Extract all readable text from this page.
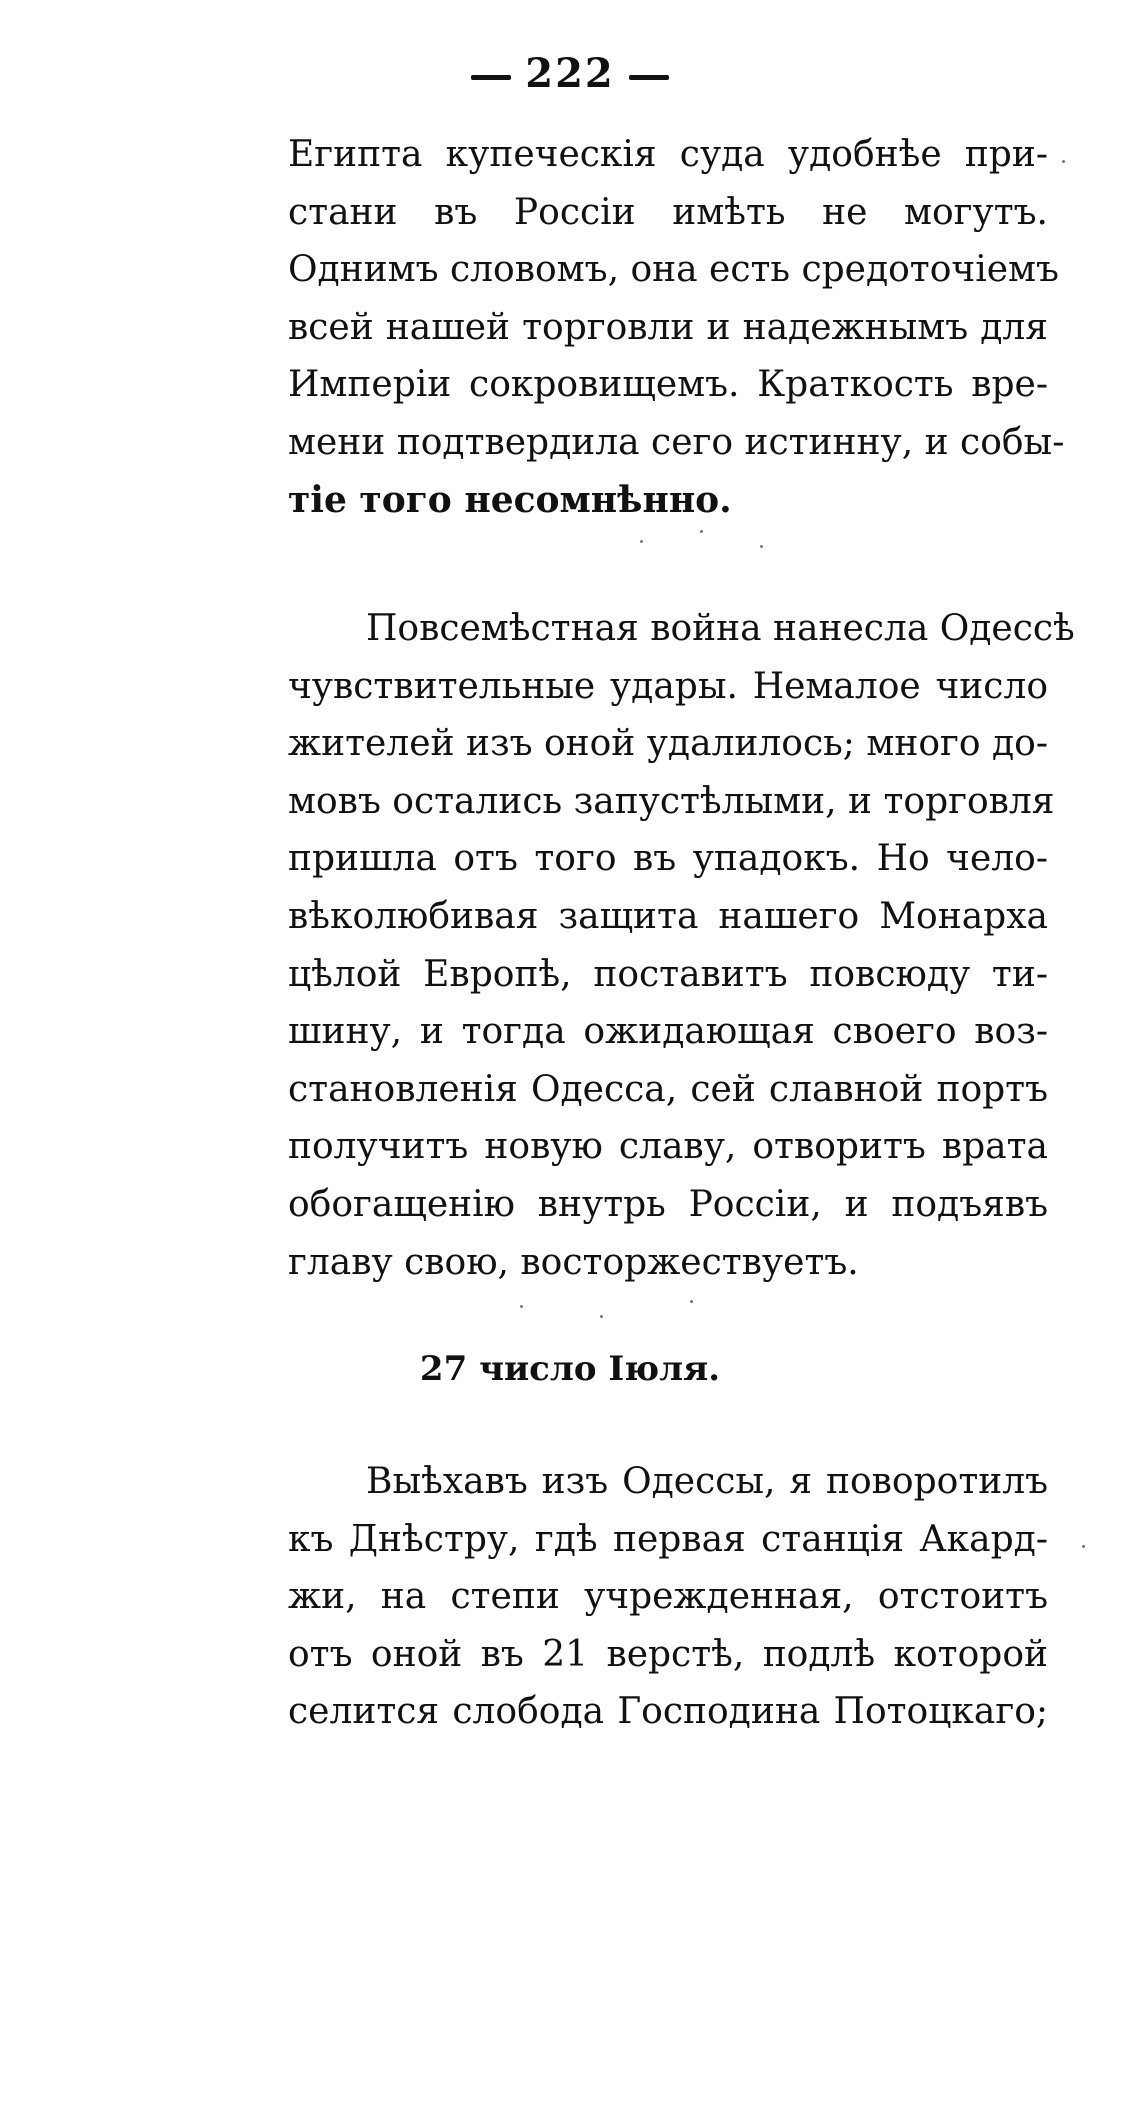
222
Египта купеческія суда удобнѣе при-
стани въ Россіи имѣть не могутъ.
Однимъ словомъ, она есть средоточіемъ
всей нашей торговли и надежнымъ для
Имперіи сокровищемъ. Краткость вре-
мени подтвердила сего истинну, и собы-
тіе того несомнѣнно.
Повсемѣстная война нанесла Одессѣ
чувствительные удары. Немалое число
жителей изъ оной удалилось; много до-
мовъ остались запустѣлыми, и торговля
пришла отъ того въ упадокъ. Но чело-
вѣколюбивая защита нашего Монарха
цѣлой Европѣ, поставитъ повсюду ти-
шину, и тогда ожидающая своего воз-
становленія Одесса, сей славной портъ
получитъ новую славу, отворитъ врата
обогащенію внутрь Россіи, и подъявъ
главу свою, восторжествуетъ.
27 число Іюля.
Выѣхавъ изъ Одессы, я поворотилъ
къ Днѣстру, гдѣ первая станція Акард-
жи, на степи учрежденная, отстоитъ
отъ оной въ 21 верстѣ, подлѣ которой
селится слобода Господина Потоцкаго;
